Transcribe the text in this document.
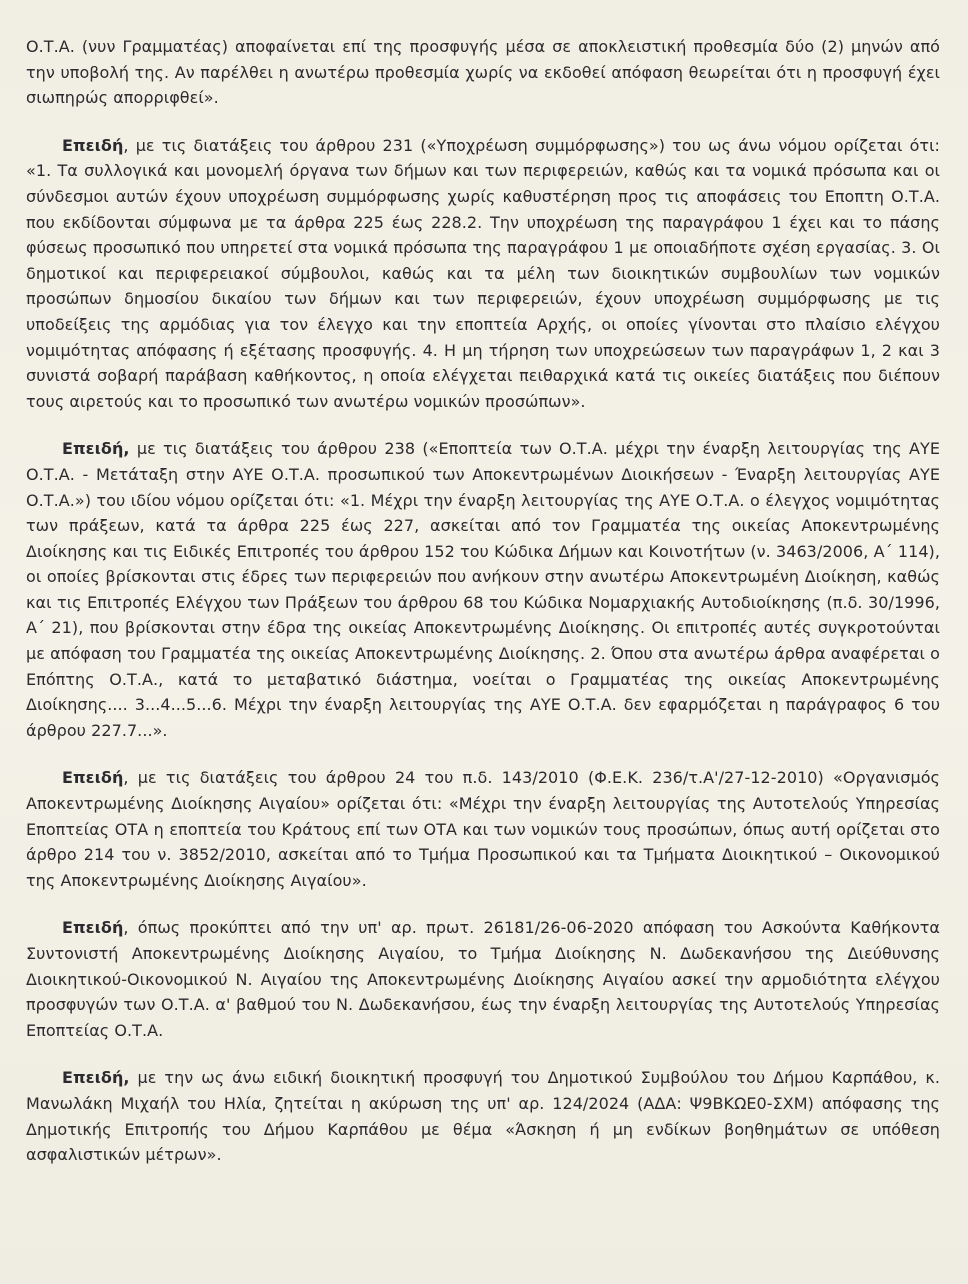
Ο.Τ.Α. (νυν Γραμματέας) αποφαίνεται επί της προσφυγής μέσα σε αποκλειστική προθεσμία δύο (2) μηνών από την υποβολή της. Αν παρέλθει η ανωτέρω προθεσμία χωρίς να εκδοθεί απόφαση θεωρείται ότι η προσφυγή έχει σιωπηρώς απορριφθεί».

Επειδή, με τις διατάξεις του άρθρου 231 («Υποχρέωση συμμόρφωσης») του ως άνω νόμου ορίζεται ότι: «1. Τα συλλογικά και μονομελή όργανα των δήμων και των περιφερειών, καθώς και τα νομικά πρόσωπα και οι σύνδεσμοι αυτών έχουν υποχρέωση συμμόρφωσης χωρίς καθυστέρηση προς τις αποφάσεις του Εποπτη Ο.Τ.Α. που εκδίδονται σύμφωνα με τα άρθρα 225 έως 228.2. Την υποχρέωση της παραγράφου 1 έχει και το πάσης φύσεως προσωπικό που υπηρετεί στα νομικά πρόσωπα της παραγράφου 1 με οποιαδήποτε σχέση εργασίας. 3. Οι δημοτικοί και περιφερειακοί σύμβουλοι, καθώς και τα μέλη των διοικητικών συμβουλίων των νομικών προσώπων δημοσίου δικαίου των δήμων και των περιφερειών, έχουν υποχρέωση συμμόρφωσης με τις υποδείξεις της αρμόδιας για τον έλεγχο και την εποπτεία Αρχής, οι οποίες γίνονται στο πλαίσιο ελέγχου νομιμότητας απόφασης ή εξέτασης προσφυγής. 4. Η μη τήρηση των υποχρεώσεων των παραγράφων 1, 2 και 3 συνιστά σοβαρή παράβαση καθήκοντος, η οποία ελέγχεται πειθαρχικά κατά τις οικείες διατάξεις που διέπουν τους αιρετούς και το προσωπικό των ανωτέρω νομικών προσώπων».

Επειδή, με τις διατάξεις του άρθρου 238 («Εποπτεία των Ο.Τ.Α. μέχρι την έναρξη λειτουργίας της ΑΥΕ Ο.Τ.Α. - Μετάταξη στην ΑΥΕ Ο.Τ.Α. προσωπικού των Αποκεντρωμένων Διοικήσεων - Έναρξη λειτουργίας ΑΥΕ Ο.Τ.Α.») του ιδίου νόμου ορίζεται ότι: «1. Μέχρι την έναρξη λειτουργίας της ΑΥΕ Ο.Τ.Α. ο έλεγχος νομιμότητας των πράξεων, κατά τα άρθρα 225 έως 227, ασκείται από τον Γραμματέα της οικείας Αποκεντρωμένης Διοίκησης και τις Ειδικές Επιτροπές του άρθρου 152 του Κώδικα Δήμων και Κοινοτήτων (ν. 3463/2006, Α΄ 114), οι οποίες βρίσκονται στις έδρες των περιφερειών που ανήκουν στην ανωτέρω Αποκεντρωμένη Διοίκηση, καθώς και τις Επιτροπές Ελέγχου των Πράξεων του άρθρου 68 του Κώδικα Νομαρχιακής Αυτοδιοίκησης (π.δ. 30/1996, Α΄ 21), που βρίσκονται στην έδρα της οικείας Αποκεντρωμένης Διοίκησης. Οι επιτροπές αυτές συγκροτούνται με απόφαση του Γραμματέα της οικείας Αποκεντρωμένης Διοίκησης. 2. Όπου στα ανωτέρω άρθρα αναφέρεται ο Επόπτης Ο.Τ.Α., κατά το μεταβατικό διάστημα, νοείται ο Γραμματέας της οικείας Αποκεντρωμένης Διοίκησης.... 3...4...5...6. Μέχρι την έναρξη λειτουργίας της ΑΥΕ Ο.Τ.Α. δεν εφαρμόζεται η παράγραφος 6 του άρθρου 227.7...».

Επειδή, με τις διατάξεις του άρθρου 24 του π.δ. 143/2010 (Φ.Ε.Κ. 236/τ.Α'/27-12-2010) «Οργανισμός Αποκεντρωμένης Διοίκησης Αιγαίου» ορίζεται ότι: «Μέχρι την έναρξη λειτουργίας της Αυτοτελούς Υπηρεσίας Εποπτείας ΟΤΑ η εποπτεία του Κράτους επί των ΟΤΑ και των νομικών τους προσώπων, όπως αυτή ορίζεται στο άρθρο 214 του ν. 3852/2010, ασκείται από το Τμήμα Προσωπικού και τα Τμήματα Διοικητικού – Οικονομικού της Αποκεντρωμένης Διοίκησης Αιγαίου».

Επειδή, όπως προκύπτει από την υπ' αρ. πρωτ. 26181/26-06-2020 απόφαση του Ασκούντα Καθήκοντα Συντονιστή Αποκεντρωμένης Διοίκησης Αιγαίου, το Τμήμα Διοίκησης Ν. Δωδεκανήσου της Διεύθυνσης Διοικητικού-Οικονομικού Ν. Αιγαίου της Αποκεντρωμένης Διοίκησης Αιγαίου ασκεί την αρμοδιότητα ελέγχου προσφυγών των Ο.Τ.Α. α' βαθμού του Ν. Δωδεκανήσου, έως την έναρξη λειτουργίας της Αυτοτελούς Υπηρεσίας Εποπτείας Ο.Τ.Α.

Επειδή, με την ως άνω ειδική διοικητική προσφυγή του Δημοτικού Συμβούλου του Δήμου Καρπάθου, κ. Μανωλάκη Μιχαήλ του Ηλία, ζητείται η ακύρωση της υπ' αρ. 124/2024 (ΑΔΑ: Ψ9ΒΚΩΕ0-ΣΧΜ) απόφασης της Δημοτικής Επιτροπής του Δήμου Καρπάθου με θέμα «Άσκηση ή μη ενδίκων βοηθημάτων σε υπόθεση ασφαλιστικών μέτρων».
